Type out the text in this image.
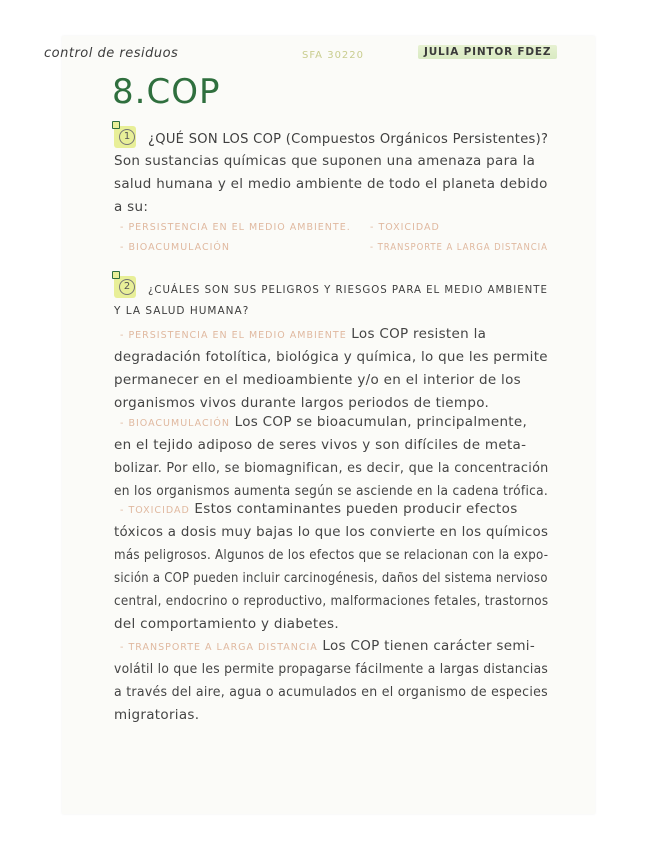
control de residuos	SFA 30220	JULIA PINTOR FDEZ
8.COP
1	¿QUÉ SON LOS COP (Compuestos Orgánicos Persistentes)?
Son sustancias químicas que suponen una amenaza para la
salud humana y el medio ambiente de todo el planeta debido
a su:
- PERSISTENCIA EN EL MEDIO AMBIENTE. - TOXICIDAD
- BIOACUMULACIÓN	- TRANSPORTE A LARGA DISTANCIA
2	¿CUÁLES SON SUS PELIGROS Y RIESGOS PARA EL MEDIO AMBIENTE
Y LA SALUD HUMANA?
- PERSISTENCIA EN EL MEDIO AMBIENTE Los COP resisten la
degradación fotolítica, biológica y química, lo que les permite
permanecer en el medioambiente y/o en el interior de los
organismos vivos durante largos periodos de tiempo.
- BIOACUMULACIÓN Los COP se bioacumulan, principalmente,
en el tejido adiposo de seres vivos y son difíciles de meta-
bolizar. Por ello, se biomagnifican, es decir, que la concentración
en los organismos aumenta según se asciende en la cadena trófica.
- TOXICIDAD Estos contaminantes pueden producir efectos
tóxicos a dosis muy bajas lo que los convierte en los químicos
más peligrosos. Algunos de los efectos que se relacionan con la expo-
sición a COP pueden incluir carcinogénesis, daños del sistema nervioso
central, endocrino o reproductivo, malformaciones fetales, trastornos
del comportamiento y diabetes.
- TRANSPORTE A LARGA DISTANCIA Los COP tienen carácter semi-
volátil lo que les permite propagarse fácilmente a largas distancias
a través del aire, agua o acumulados en el organismo de especies
migratorias.
